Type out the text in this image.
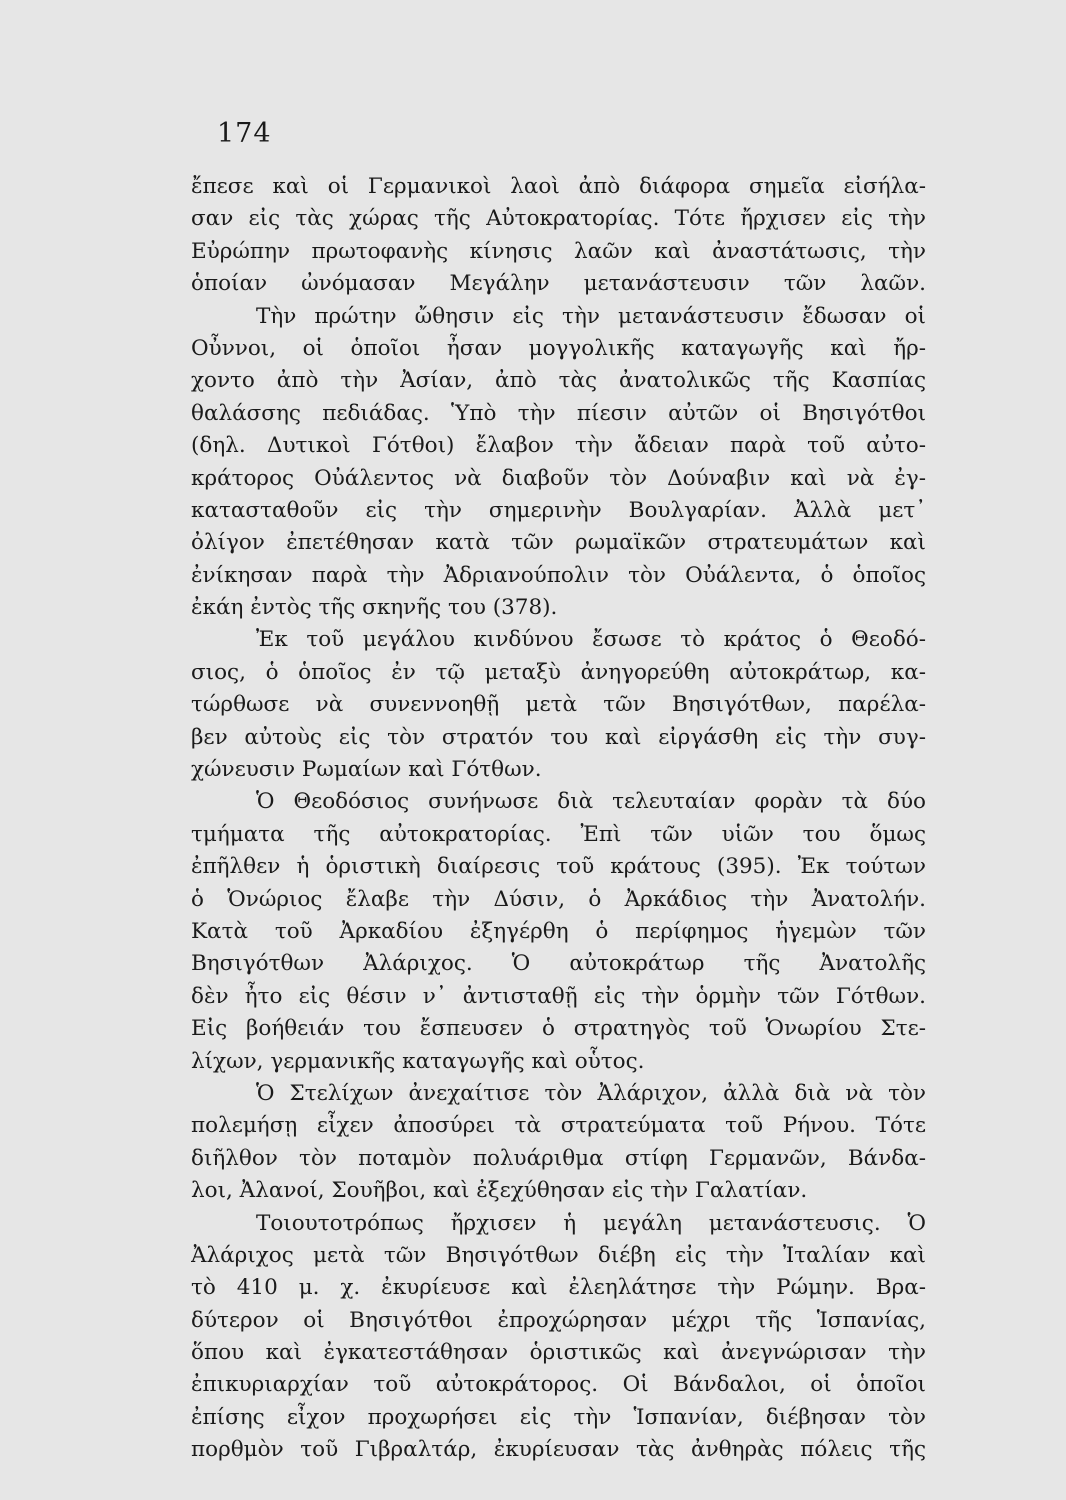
174
ἔπεσε καὶ οἱ Γερμανικοὶ λαοὶ ἀπὸ διάφορα σημεῖα εἰσήλα-
σαν εἰς τὰς χώρας τῆς Αὐτοκρατορίας. Τότε ἤρχισεν εἰς τὴν
Εὐρώπην πρωτοφανὴς κίνησις λαῶν καὶ ἀναστάτωσις, τὴν
ὁποίαν ὠνόμασαν Μεγάλην μετανάστευσιν τῶν λαῶν.
Τὴν πρώτην ὤθησιν εἰς τὴν μετανάστευσιν ἔδωσαν οἱ
Οὖννοι, οἱ ὁποῖοι ἦσαν μογγολικῆς καταγωγῆς καὶ ἤρ-
χοντο ἀπὸ τὴν Ἀσίαν, ἀπὸ τὰς ἀνατολικῶς τῆς Κασπίας
θαλάσσης πεδιάδας. Ὑπὸ τὴν πίεσιν αὐτῶν οἱ Βησιγότθοι
(δηλ. Δυτικοὶ Γότθοι) ἔλαβον τὴν ἄδειαν παρὰ τοῦ αὐτο-
κράτορος Οὐάλεντος νὰ διαβοῦν τὸν Δούναβιν καὶ νὰ ἐγ-
κατασταθοῦν εἰς τὴν σημερινὴν Βουλγαρίαν. Ἀλλὰ μετ᾽
ὀλίγον ἐπετέθησαν κατὰ τῶν ρωμαϊκῶν στρατευμάτων καὶ
ἐνίκησαν παρὰ τὴν Ἀδριανούπολιν τὸν Οὐάλεντα, ὁ ὁποῖος
ἐκάη ἐντὸς τῆς σκηνῆς του (378).
Ἐκ τοῦ μεγάλου κινδύνου ἔσωσε τὸ κράτος ὁ Θεοδό-
σιος, ὁ ὁποῖος ἐν τῷ μεταξὺ ἀνηγορεύθη αὐτοκράτωρ, κα-
τώρθωσε νὰ συνεννοηθῇ μετὰ τῶν Βησιγότθων, παρέλα-
βεν αὐτοὺς εἰς τὸν στρατόν του καὶ εἰργάσθη εἰς τὴν συγ-
χώνευσιν Ρωμαίων καὶ Γότθων.
Ὁ Θεοδόσιος συνήνωσε διὰ τελευταίαν φορὰν τὰ δύο
τμήματα τῆς αὐτοκρατορίας. Ἐπὶ τῶν υἱῶν του ὅμως
ἐπῆλθεν ἡ ὁριστικὴ διαίρεσις τοῦ κράτους (395). Ἐκ τούτων
ὁ Ὁνώριος ἔλαβε τὴν Δύσιν, ὁ Ἀρκάδιος τὴν Ἀνατολήν.
Κατὰ τοῦ Ἀρκαδίου ἐξηγέρθη ὁ περίφημος ἡγεμὼν τῶν
Βησιγότθων Ἀλάριχος. Ὁ αὐτοκράτωρ τῆς Ἀνατολῆς
δὲν ἦτο εἰς θέσιν ν᾽ ἀντισταθῇ εἰς τὴν ὁρμὴν τῶν Γότθων.
Εἰς βοήθειάν του ἔσπευσεν ὁ στρατηγὸς τοῦ Ὁνωρίου Στε-
λίχων, γερμανικῆς καταγωγῆς καὶ οὗτος.
Ὁ Στελίχων ἀνεχαίτισε τὸν Ἀλάριχον, ἀλλὰ διὰ νὰ τὸν
πολεμήσῃ εἶχεν ἀποσύρει τὰ στρατεύματα τοῦ Ρήνου. Τότε
διῆλθον τὸν ποταμὸν πολυάριθμα στίφη Γερμανῶν, Βάνδα-
λοι, Ἀλανοί, Σουῆβοι, καὶ ἐξεχύθησαν εἰς τὴν Γαλατίαν.
Τοιουτοτρόπως ἤρχισεν ἡ μεγάλη μετανάστευσις. Ὁ
Ἀλάριχος μετὰ τῶν Βησιγότθων διέβη εἰς τὴν Ἰταλίαν καὶ
τὸ 410 μ. χ. ἐκυρίευσε καὶ ἐλεηλάτησε τὴν Ρώμην. Βρα-
δύτερον οἱ Βησιγότθοι ἐπροχώρησαν μέχρι τῆς Ἱσπανίας,
ὅπου καὶ ἐγκατεστάθησαν ὁριστικῶς καὶ ἀνεγνώρισαν τὴν
ἐπικυριαρχίαν τοῦ αὐτοκράτορος. Οἱ Βάνδαλοι, οἱ ὁποῖοι
ἐπίσης εἶχον προχωρήσει εἰς τὴν Ἱσπανίαν, διέβησαν τὸν
πορθμὸν τοῦ Γιβραλτάρ, ἐκυρίευσαν τὰς ἀνθηρὰς πόλεις τῆς
